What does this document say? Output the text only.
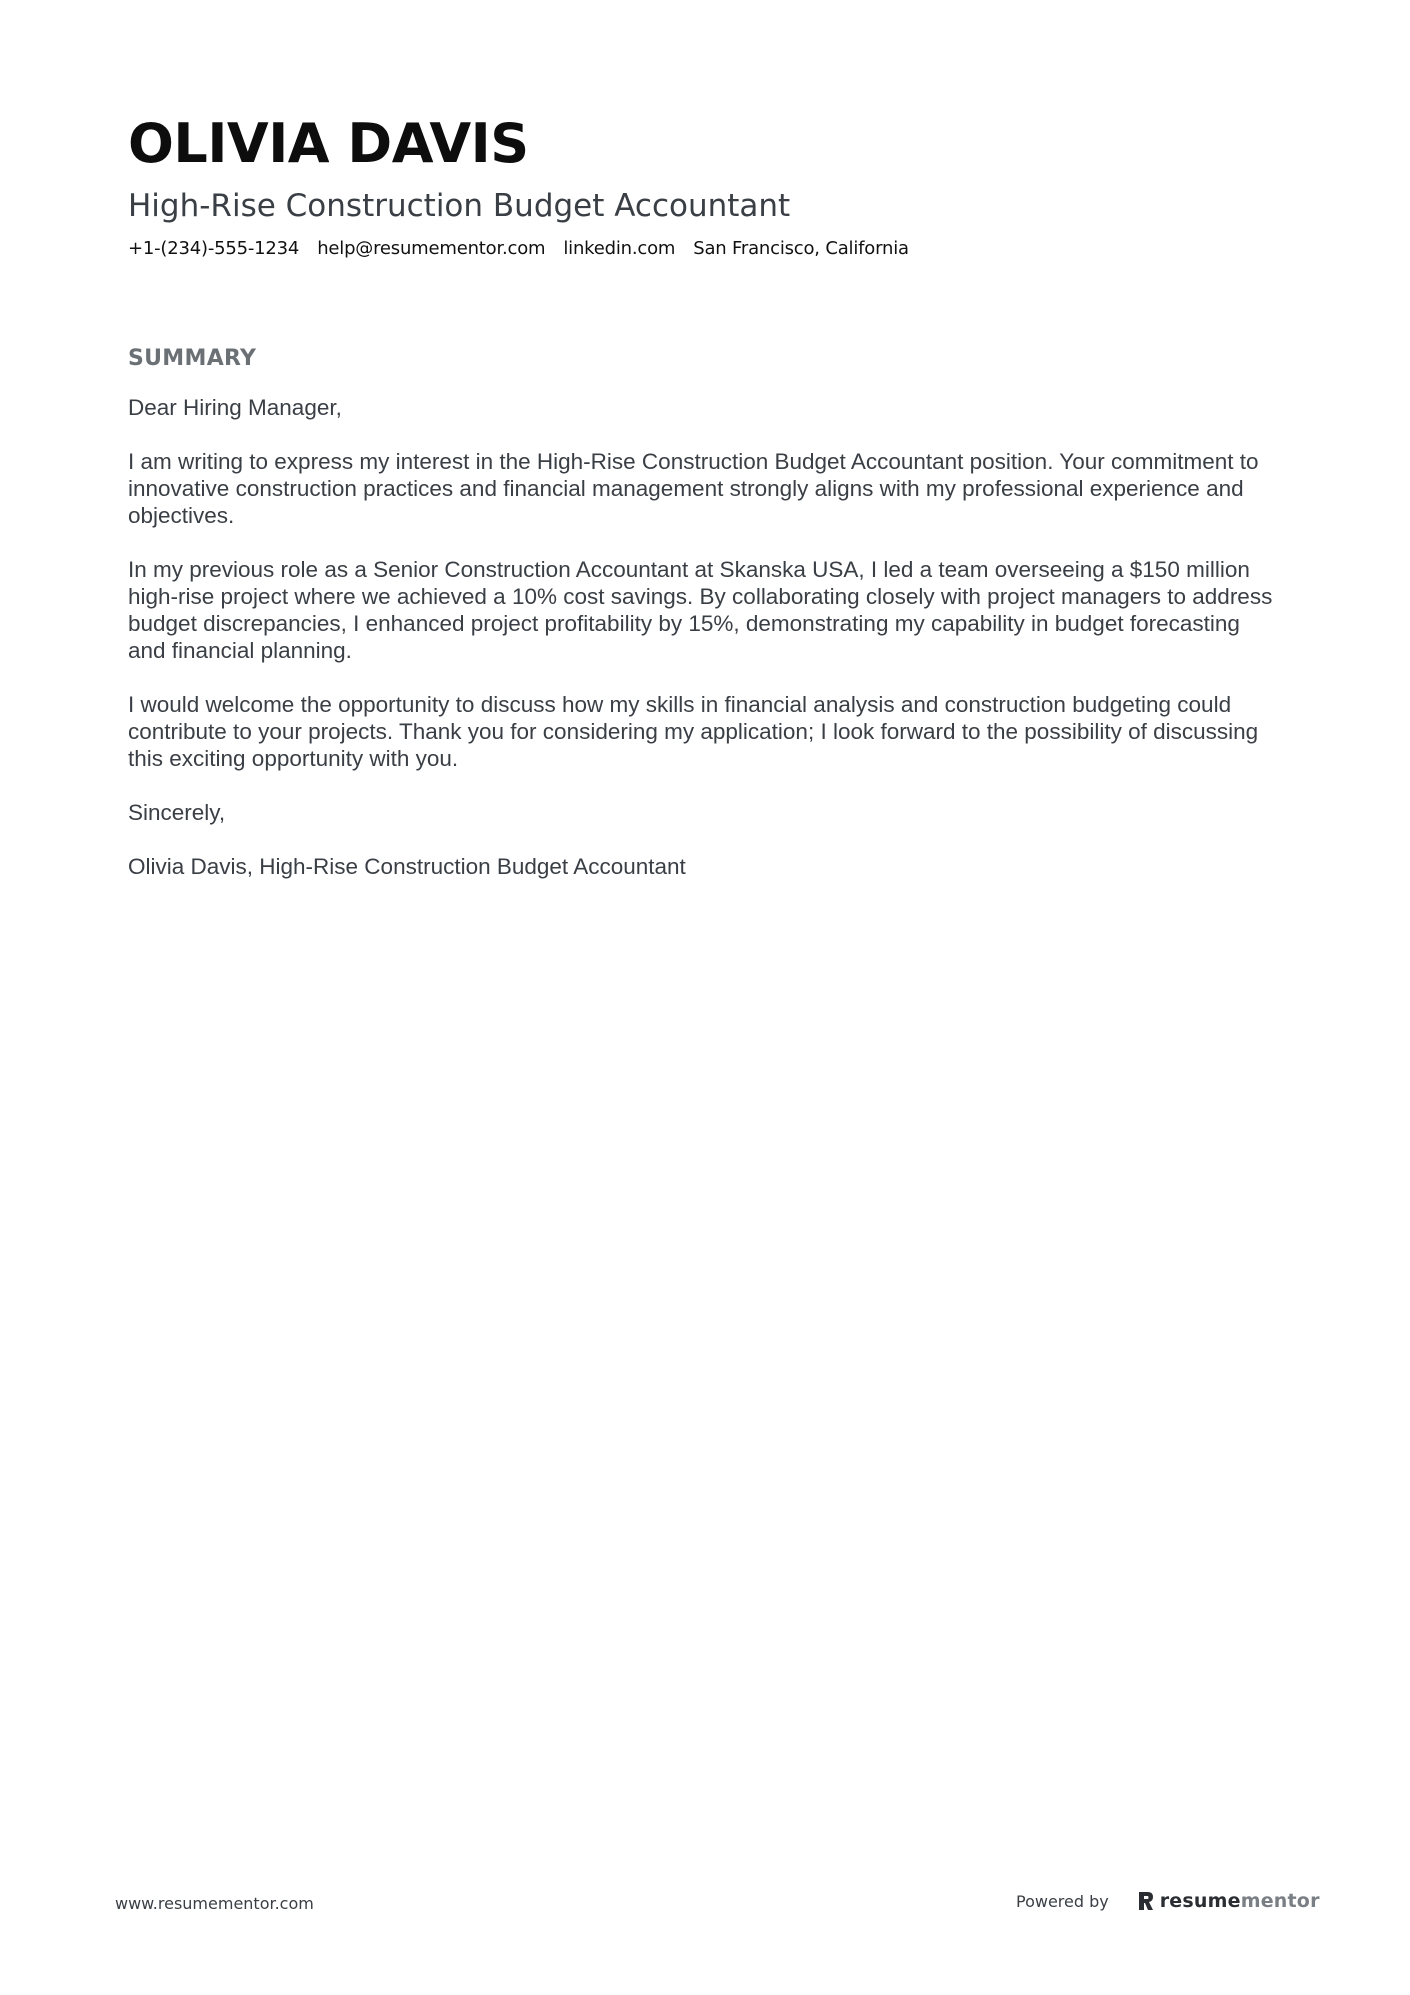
OLIVIA DAVIS
High-Rise Construction Budget Accountant
+1-(234)-555-1234 help@resumementor.com linkedin.com San Francisco, California
SUMMARY

Dear Hiring Manager,

I am writing to express my interest in the High-Rise Construction Budget Accountant position. Your commitment to innovative construction practices and financial management strongly aligns with my professional experience and objectives.

In my previous role as a Senior Construction Accountant at Skanska USA, I led a team overseeing a $150 million high-rise project where we achieved a 10% cost savings. By collaborating closely with project managers to address budget discrepancies, I enhanced project profitability by 15%, demonstrating my capability in budget forecasting and financial planning.

I would welcome the opportunity to discuss how my skills in financial analysis and construction budgeting could contribute to your projects. Thank you for considering my application; I look forward to the possibility of discussing this exciting opportunity with you.

Sincerely,

Olivia Davis, High-Rise Construction Budget Accountant

www.resumementor.com	Powered by	resumementor
